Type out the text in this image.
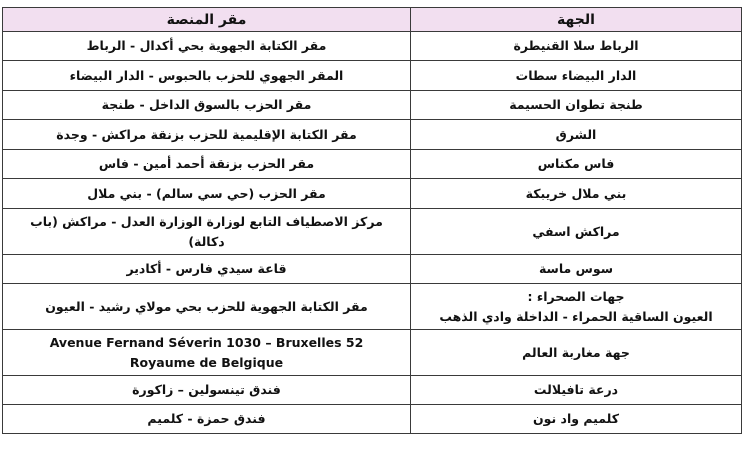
مقر المنصة	الجهة
مقر الكتابة الجهوية بحي أكدال - الرباط	الرباط سلا القنيطرة
المقر الجهوي للحزب بالحبوس - الدار البيضاء	الدار البيضاء سطات
مقر الحزب بالسوق الداخل - طنجة	طنجة تطوان الحسيمة
مقر الكتابة الإقليمية للحزب بزنقة مراكش - وجدة	الشرق
مقر الحزب بزنقة أحمد أمين - فاس	فاس مكناس
مقر الحزب (حي سي سالم) - بني ملال	بني ملال خريبكة
مركز الاصطياف التابع لوزارة الوزارة العدل - مراكش (باب دكالة)	مراكش اسفي
قاعة سيدي فارس - أكادير	سوس ماسة
مقر الكتابة الجهوية للحزب بحي مولاي رشيد - العيون	جهات الصحراء :
العيون الساقية الحمراء - الداخلة وادي الذهب

Avenue Fernand Séverin 1030 – Bruxelles 52
Royaume de Belgique	جهة مغاربة العالم
فندق تينسولين – زاكورة	درعة تافيلالت
فندق حمزة - كلميم	كلميم واد نون
